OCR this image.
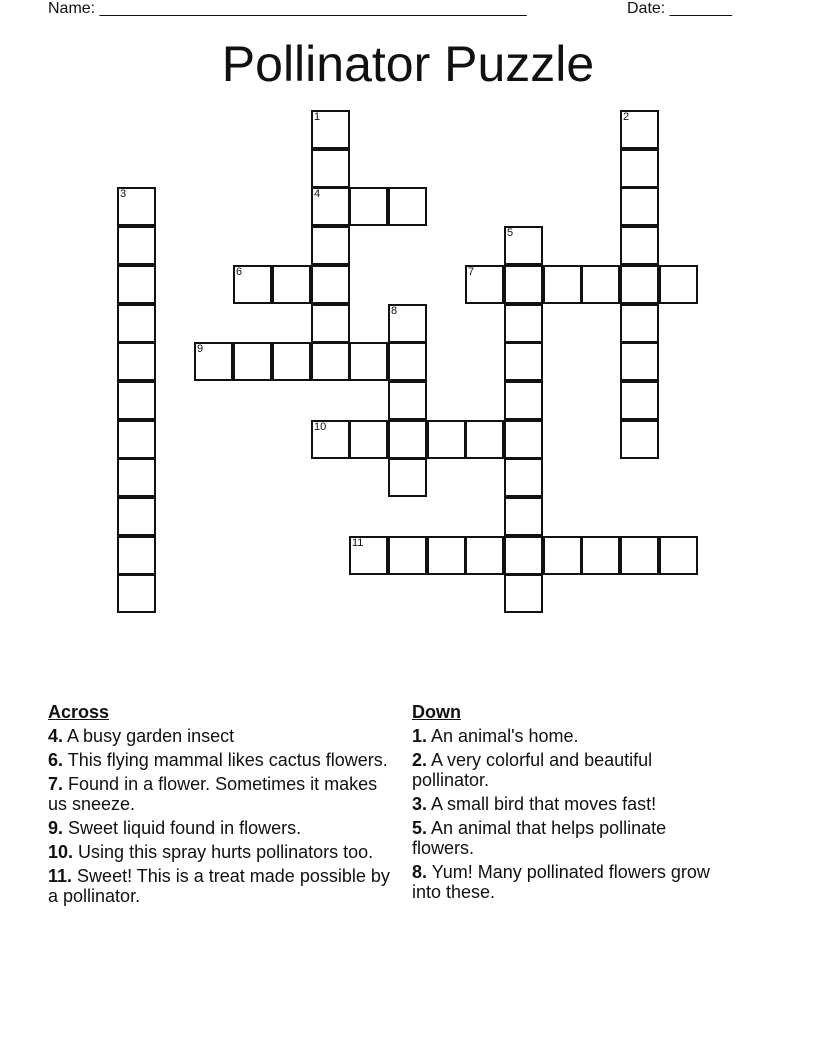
Name: ________________________________________________	Date: _______
Pollinator Puzzle
1
4
2
3
5
6	7
8
9
10
11
Across
4. A busy garden insect
6. This flying mammal likes cactus flowers.
7. Found in a flower. Sometimes it makes us sneeze.
9. Sweet liquid found in flowers.
10. Using this spray hurts pollinators too.
11. Sweet! This is a treat made possible by a pollinator.
Down
1. An animal's home.
2. A very colorful and beautiful pollinator.
3. A small bird that moves fast!
5. An animal that helps pollinate flowers.
8. Yum! Many pollinated flowers grow into these.
